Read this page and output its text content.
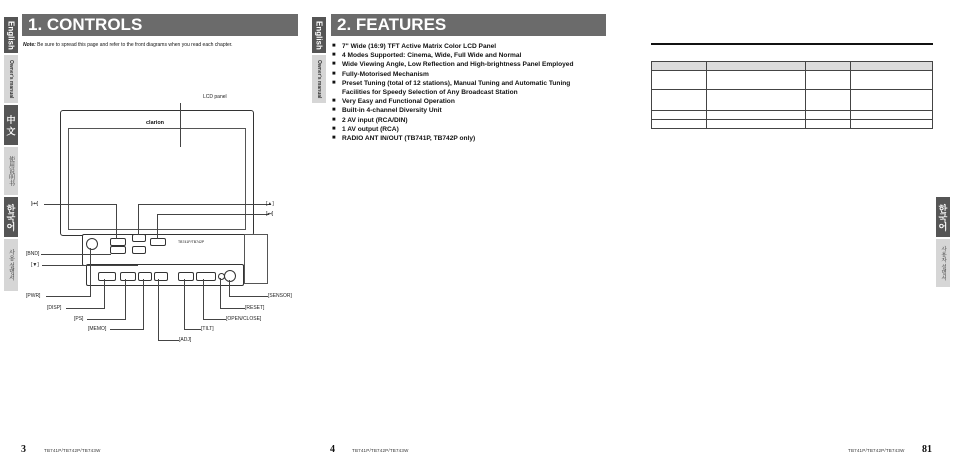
English
Owner's manual
中 文
使用说明书
한국어
사용 설명서
1. CONTROLS
Note: Be sure to spread this page and refer to the front diagrams when you read each chapter.
clarion
TB741P/TB742P
LCD panel
[⏮]	[▲]
[⏭]
[BND]
[▼]
[PWR]
[DISP]
[PS]
[MEMO]
[ADJ]
[TILT]
[OPEN/CLOSE]
[RESET]
[SENSOR]
3	TB741P/TB742P/TB743W
English
Owner's manual
2. FEATURES
■ 7" Wide (16:9) TFT Active Matrix Color LCD Panel
■ 4 Modes Supported: Cinema, Wide, Full Wide and Normal
■ Wide Viewing Angle, Low Reflection and High-brightness Panel Employed
■ Fully-Motorised Mechanism
■ Preset Tuning (total of 12 stations), Manual Tuning and Automatic Tuning Facilities for Speedy Selection of Any Broadcast Station
■ Very Easy and Functional Operation
■ Built-in 4-channel Diversity Unit
■ 2 AV input (RCA/DIN)
■ 1 AV output (RCA)
■ RADIO ANT IN/OUT (TB741P, TB742P only)
4	TB741P/TB742P/TB743W

한국어
사용자 설명서
TB741P/TB742P/TB743W 81
